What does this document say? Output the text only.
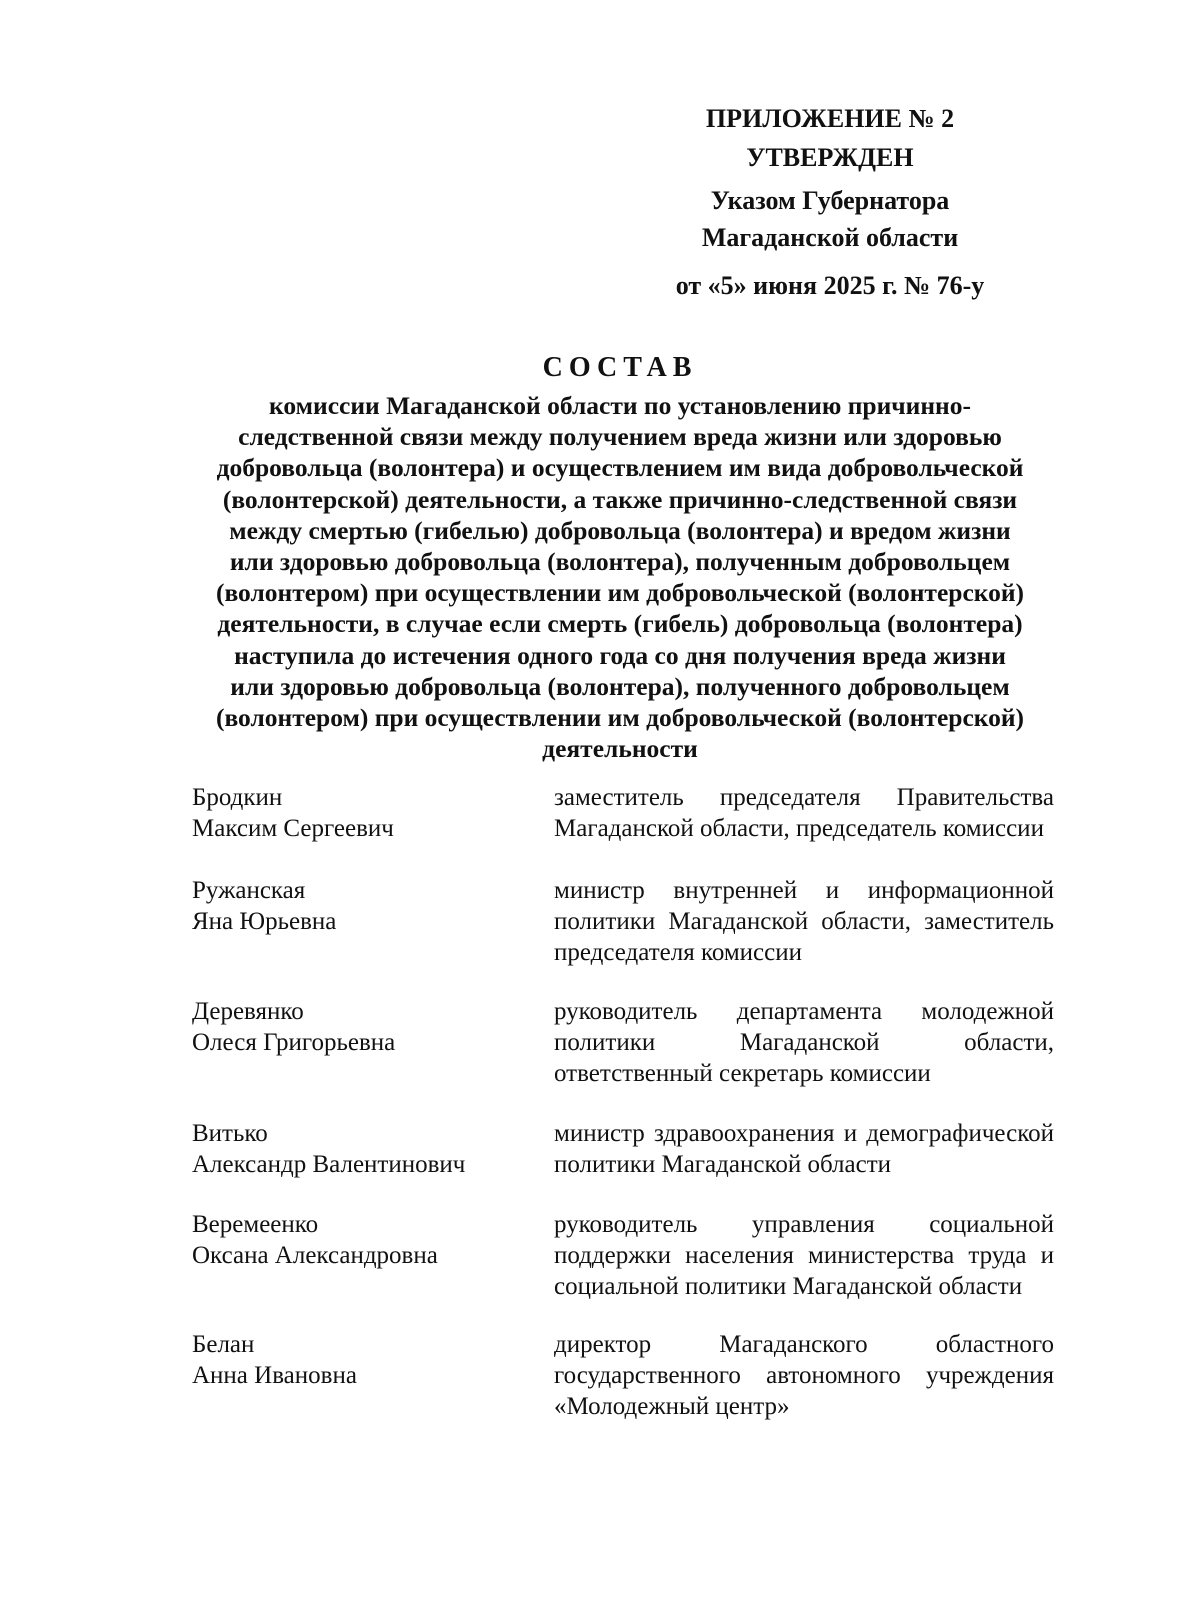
ПРИЛОЖЕНИЕ № 2
УТВЕРЖДЕН
Указом Губернатора
Магаданской области
от «5» июня 2025 г. № 76-у
СОСТАВ
комиссии Магаданской области по установлению причинно-
следственной связи между получением вреда жизни или здоровью
добровольца (волонтера) и осуществлением им вида добровольческой
(волонтерской) деятельности, а также причинно-следственной связи
между смертью (гибелью) добровольца (волонтера) и вредом жизни
или здоровью добровольца (волонтера), полученным добровольцем
(волонтером) при осуществлении им добровольческой (волонтерской)
деятельности, в случае если смерть (гибель) добровольца (волонтера)
наступила до истечения одного года со дня получения вреда жизни
или здоровью добровольца (волонтера), полученного добровольцем
(волонтером) при осуществлении им добровольческой (волонтерской)
деятельности
Бродкин
Максим Сергеевич
заместитель председателя Правительства
Магаданской области, председатель комиссии
Ружанская
Яна Юрьевна
министр внутренней и информационной
политики Магаданской области, заместитель
председателя комиссии
Деревянко
Олеся Григорьевна
руководитель департамента молодежной
политики Магаданской области,
ответственный секретарь комиссии
Витько
Александр Валентинович
министр здравоохранения и демографической
политики Магаданской области
Веремеенко
Оксана Александровна
руководитель управления социальной
поддержки населения министерства труда и
социальной политики Магаданской области
Белан
Анна Ивановна
директор Магаданского областного
государственного автономного учреждения
«Молодежный центр»
